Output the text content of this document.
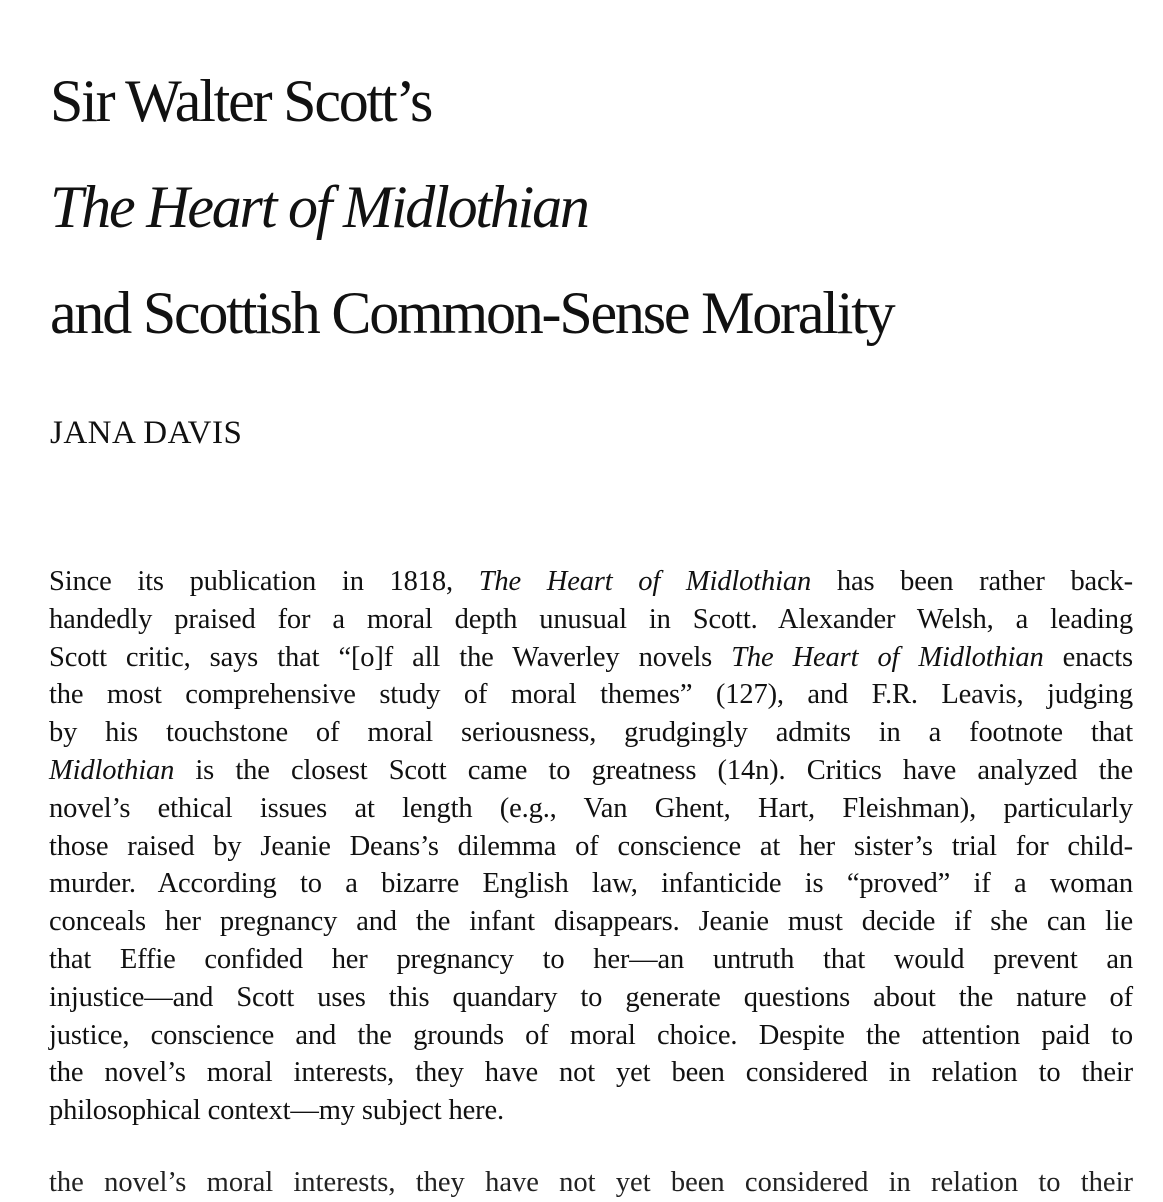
Sir Walter Scott’s
The Heart of Midlothian
and Scottish Common-Sense Morality
JANA DAVIS
Since its publication in 1818, The Heart of Midlothian has been rather back-
handedly praised for a moral depth unusual in Scott. Alexander Welsh, a leading
Scott critic, says that “[o]f all the Waverley novels The Heart of Midlothian enacts
the most comprehensive study of moral themes” (127), and F.R. Leavis, judging
by his touchstone of moral seriousness, grudgingly admits in a footnote that
Midlothian is the closest Scott came to greatness (14n). Critics have analyzed the
novel’s ethical issues at length (e.g., Van Ghent, Hart, Fleishman), particularly
those raised by Jeanie Deans’s dilemma of conscience at her sister’s trial for child-
murder. According to a bizarre English law, infanticide is “proved” if a woman
conceals her pregnancy and the infant disappears. Jeanie must decide if she can lie
that Effie confided her pregnancy to her—an untruth that would prevent an
injustice—and Scott uses this quandary to generate questions about the nature of
justice, conscience and the grounds of moral choice. Despite the attention paid to
the novel’s moral interests, they have not yet been considered in relation to their
philosophical context—my subject here.
the novel’s moral interests, they have not yet been considered in relation to their
